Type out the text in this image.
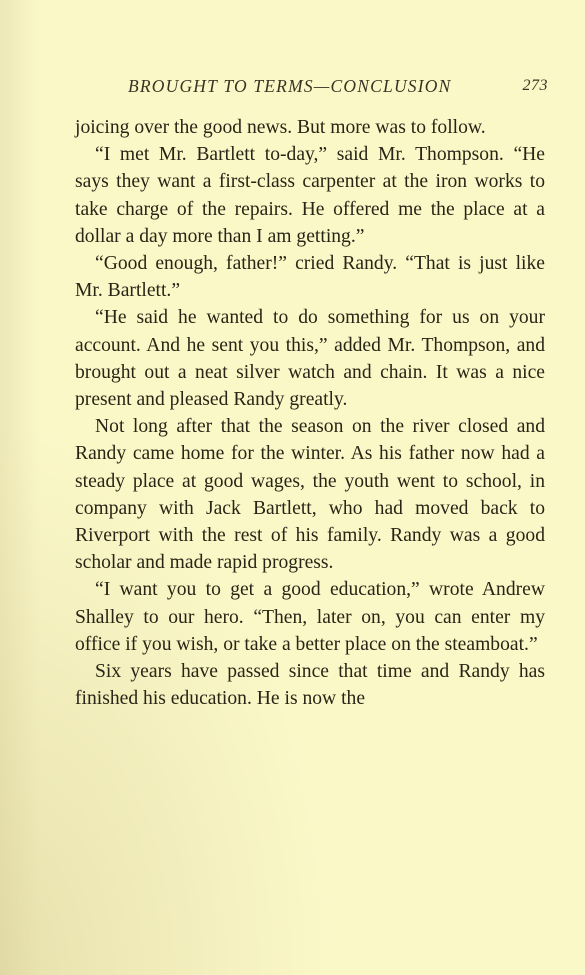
BROUGHT TO TERMS—CONCLUSION	273

joicing over the good news. But more was to follow.

“I met Mr. Bartlett to-day,” said Mr. Thompson. “He says they want a first-class carpenter at the iron works to take charge of the repairs. He offered me the place at a dollar a day more than I am getting.”

“Good enough, father!” cried Randy. “That is just like Mr. Bartlett.”

“He said he wanted to do something for us on your account. And he sent you this,” added Mr. Thompson, and brought out a neat silver watch and chain. It was a nice present and pleased Randy greatly.

Not long after that the season on the river closed and Randy came home for the winter. As his father now had a steady place at good wages, the youth went to school, in company with Jack Bartlett, who had moved back to Riverport with the rest of his family. Randy was a good scholar and made rapid progress.

“I want you to get a good education,” wrote Andrew Shalley to our hero. “Then, later on, you can enter my office if you wish, or take a better place on the steamboat.”

Six years have passed since that time and Randy has finished his education. He is now the
